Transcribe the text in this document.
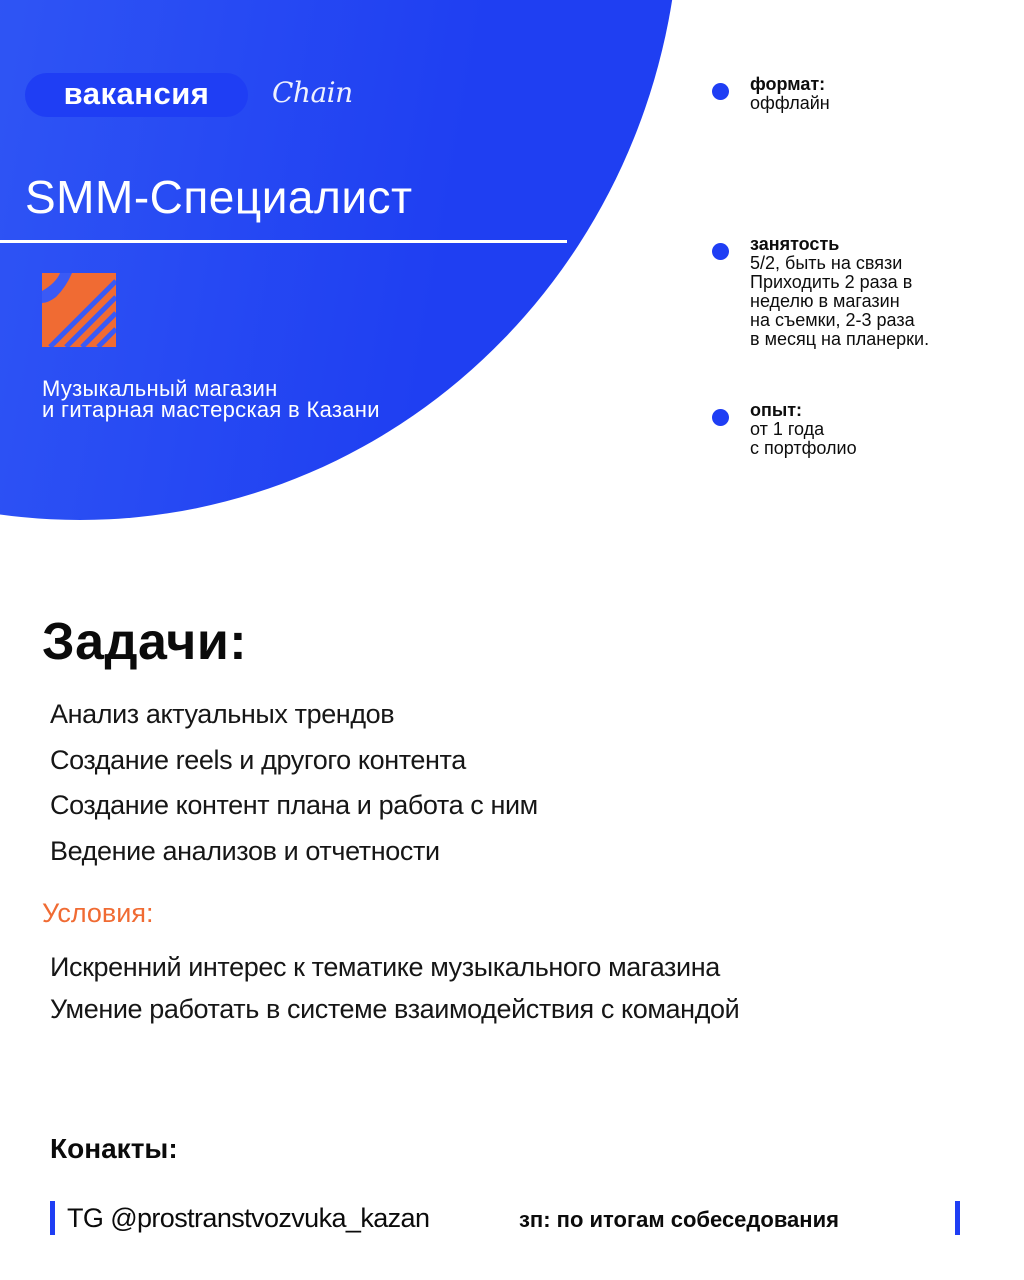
вакансия	Chain
SMM-Специалист
Музыкальный магазин
и гитарная мастерская в Казани
формат:
оффлайн
занятость
5/2, быть на связи
Приходить 2 раза в
неделю в магазин
на съемки, 2-3 раза
в месяц на планерки.
опыт:
от 1 года
с портфолио
Задачи:
Анализ актуальных трендов
Создание reels и другого контента
Создание контент плана и работа с ним
Ведение анализов и отчетности
Условия:
Искренний интерес к тематике музыкального магазина
Умение работать в системе взаимодействия с командой
Конакты:
TG @prostranstvozvuka_kazan	зп: по итогам собеседования
